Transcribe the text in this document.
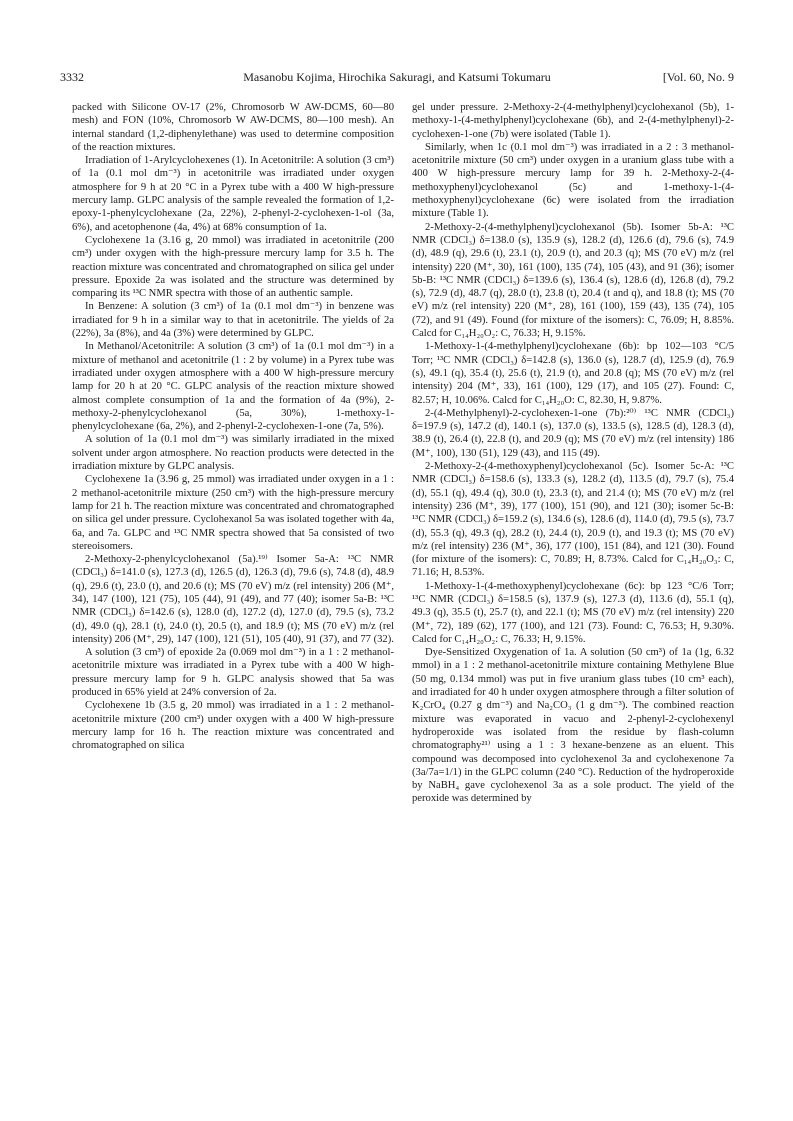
3332	Masanobu Kojima, Hirochika Sakuragi, and Katsumi Tokumaru	[Vol. 60, No. 9

packed with Silicone OV-17 (2%, Chromosorb W AW-DCMS, 60—80 mesh) and FON (10%, Chromosorb W AW-DCMS, 80—100 mesh). An internal standard (1,2-diphenylethane) was used to determine composition of the reaction mixtures.

Irradiation of 1-Arylcyclohexenes (1). In Acetonitrile: A solution (3 cm³) of 1a (0.1 mol dm⁻³) in acetonitrile was irradiated under oxygen atmosphere for 9 h at 20 °C in a Pyrex tube with a 400 W high-pressure mercury lamp. GLPC analysis of the sample revealed the formation of 1,2-epoxy-1-phenylcyclohexane (2a, 22%), 2-phenyl-2-cyclohexen-1-ol (3a, 6%), and acetophenone (4a, 4%) at 68% consumption of 1a.

Cyclohexene 1a (3.16 g, 20 mmol) was irradiated in acetonitrile (200 cm³) under oxygen with the high-pressure mercury lamp for 3.5 h. The reaction mixture was concentrated and chromatographed on silica gel under pressure. Epoxide 2a was isolated and the structure was determined by comparing its ¹³C NMR spectra with those of an authentic sample.

In Benzene: A solution (3 cm³) of 1a (0.1 mol dm⁻³) in benzene was irradiated for 9 h in a similar way to that in acetonitrile. The yields of 2a (22%), 3a (8%), and 4a (3%) were determined by GLPC.

In Methanol/Acetonitrile: A solution (3 cm³) of 1a (0.1 mol dm⁻³) in a mixture of methanol and acetonitrile (1 : 2 by volume) in a Pyrex tube was irradiated under oxygen atmosphere with a 400 W high-pressure mercury lamp for 20 h at 20 °C. GLPC analysis of the reaction mixture showed almost complete consumption of 1a and the formation of 4a (9%), 2-methoxy-2-phenylcyclohexanol (5a, 30%), 1-methoxy-1-phenylcyclohexane (6a, 2%), and 2-phenyl-2-cyclohexen-1-one (7a, 5%).

A solution of 1a (0.1 mol dm⁻³) was similarly irradiated in the mixed solvent under argon atmosphere. No reaction products were detected in the irradiation mixture by GLPC analysis.

Cyclohexene 1a (3.96 g, 25 mmol) was irradiated under oxygen in a 1 : 2 methanol-acetonitrile mixture (250 cm³) with the high-pressure mercury lamp for 21 h. The reaction mixture was concentrated and chromatographed on silica gel under pressure. Cyclohexanol 5a was isolated together with 4a, 6a, and 7a. GLPC and ¹³C NMR spectra showed that 5a consisted of two stereoisomers.

2-Methoxy-2-phenylcyclohexanol (5a).¹⁹⁾ Isomer 5a-A: ¹³C NMR (CDCl₃) δ=141.0 (s), 127.3 (d), 126.5 (d), 126.3 (d), 79.6 (s), 74.8 (d), 48.9 (q), 29.6 (t), 23.0 (t), and 20.6 (t); MS (70 eV) m/z (rel intensity) 206 (M⁺, 34), 147 (100), 121 (75), 105 (44), 91 (49), and 77 (40); isomer 5a-B: ¹³C NMR (CDCl₃) δ=142.6 (s), 128.0 (d), 127.2 (d), 127.0 (d), 79.5 (s), 73.2 (d), 49.0 (q), 28.1 (t), 24.0 (t), 20.5 (t), and 18.9 (t); MS (70 eV) m/z (rel intensity) 206 (M⁺, 29), 147 (100), 121 (51), 105 (40), 91 (37), and 77 (32).

A solution (3 cm³) of epoxide 2a (0.069 mol dm⁻³) in a 1 : 2 methanol-acetonitrile mixture was irradiated in a Pyrex tube with a 400 W high-pressure mercury lamp for 9 h. GLPC analysis showed that 5a was produced in 65% yield at 24% conversion of 2a.

Cyclohexene 1b (3.5 g, 20 mmol) was irradiated in a 1 : 2 methanol-acetonitrile mixture (200 cm³) under oxygen with a 400 W high-pressure mercury lamp for 16 h. The reaction mixture was concentrated and chromatographed on silica

gel under pressure. 2-Methoxy-2-(4-methylphenyl)cyclohexanol (5b), 1-methoxy-1-(4-methylphenyl)cyclohexane (6b), and 2-(4-methylphenyl)-2-cyclohexen-1-one (7b) were isolated (Table 1).

Similarly, when 1c (0.1 mol dm⁻³) was irradiated in a 2 : 3 methanol-acetonitrile mixture (50 cm³) under oxygen in a uranium glass tube with a 400 W high-pressure mercury lamp for 39 h. 2-Methoxy-2-(4-methoxyphenyl)cyclohexanol (5c) and 1-methoxy-1-(4-methoxyphenyl)cyclohexane (6c) were isolated from the irradiation mixture (Table 1).

2-Methoxy-2-(4-methylphenyl)cyclohexanol (5b). Isomer 5b-A: ¹³C NMR (CDCl₃) δ=138.0 (s), 135.9 (s), 128.2 (d), 126.6 (d), 79.6 (s), 74.9 (d), 48.9 (q), 29.6 (t), 23.1 (t), 20.9 (t), and 20.3 (q); MS (70 eV) m/z (rel intensity) 220 (M⁺, 30), 161 (100), 135 (74), 105 (43), and 91 (36); isomer 5b-B: ¹³C NMR (CDCl₃) δ=139.6 (s), 136.4 (s), 128.6 (d), 126.8 (d), 79.2 (s), 72.9 (d), 48.7 (q), 28.0 (t), 23.8 (t), 20.4 (t and q), and 18.8 (t); MS (70 eV) m/z (rel intensity) 220 (M⁺, 28), 161 (100), 159 (43), 135 (74), 105 (72), and 91 (49). Found (for mixture of the isomers): C, 76.09; H, 8.85%. Calcd for C₁₄H₂₀O₂: C, 76.33; H, 9.15%.

1-Methoxy-1-(4-methylphenyl)cyclohexane (6b): bp 102—103 °C/5 Torr; ¹³C NMR (CDCl₃) δ=142.8 (s), 136.0 (s), 128.7 (d), 125.9 (d), 76.9 (s), 49.1 (q), 35.4 (t), 25.6 (t), 21.9 (t), and 20.8 (q); MS (70 eV) m/z (rel intensity) 204 (M⁺, 33), 161 (100), 129 (17), and 105 (27). Found: C, 82.57; H, 10.06%. Calcd for C₁₄H₂₀O: C, 82.30, H, 9.87%.

2-(4-Methylphenyl)-2-cyclohexen-1-one (7b):²⁰⁾ ¹³C NMR (CDCl₃) δ=197.9 (s), 147.2 (d), 140.1 (s), 137.0 (s), 133.5 (s), 128.5 (d), 128.3 (d), 38.9 (t), 26.4 (t), 22.8 (t), and 20.9 (q); MS (70 eV) m/z (rel intensity) 186 (M⁺, 100), 130 (51), 129 (43), and 115 (49).

2-Methoxy-2-(4-methoxyphenyl)cyclohexanol (5c). Isomer 5c-A: ¹³C NMR (CDCl₃) δ=158.6 (s), 133.3 (s), 128.2 (d), 113.5 (d), 79.7 (s), 75.4 (d), 55.1 (q), 49.4 (q), 30.0 (t), 23.3 (t), and 21.4 (t); MS (70 eV) m/z (rel intensity) 236 (M⁺, 39), 177 (100), 151 (90), and 121 (30); isomer 5c-B: ¹³C NMR (CDCl₃) δ=159.2 (s), 134.6 (s), 128.6 (d), 114.0 (d), 79.5 (s), 73.7 (d), 55.3 (q), 49.3 (q), 28.2 (t), 24.4 (t), 20.9 (t), and 19.3 (t); MS (70 eV) m/z (rel intensity) 236 (M⁺, 36), 177 (100), 151 (84), and 121 (30). Found (for mixture of the isomers): C, 70.89; H, 8.73%. Calcd for C₁₄H₂₀O₃: C, 71.16; H, 8.53%.

1-Methoxy-1-(4-methoxyphenyl)cyclohexane (6c): bp 123 °C/6 Torr; ¹³C NMR (CDCl₃) δ=158.5 (s), 137.9 (s), 127.3 (d), 113.6 (d), 55.1 (q), 49.3 (q), 35.5 (t), 25.7 (t), and 22.1 (t); MS (70 eV) m/z (rel intensity) 220 (M⁺, 72), 189 (62), 177 (100), and 121 (73). Found: C, 76.53; H, 9.30%. Calcd for C₁₄H₂₀O₂: C, 76.33; H, 9.15%.

Dye-Sensitized Oxygenation of 1a. A solution (50 cm³) of 1a (1g, 6.32 mmol) in a 1 : 2 methanol-acetonitrile mixture containing Methylene Blue (50 mg, 0.134 mmol) was put in five uranium glass tubes (10 cm³ each), and irradiated for 40 h under oxygen atmosphere through a filter solution of K₂CrO₄ (0.27 g dm⁻³) and Na₂CO₃ (1 g dm⁻³). The combined reaction mixture was evaporated in vacuo and 2-phenyl-2-cyclohexenyl hydroperoxide was isolated from the residue by flash-column chromatography²¹⁾ using a 1 : 3 hexane-benzene as an eluent. This compound was decomposed into cyclohexenol 3a and cyclohexenone 7a (3a/7a=1/1) in the GLPC column (240 °C). Reduction of the hydroperoxide by NaBH₄ gave cyclohexenol 3a as a sole product. The yield of the peroxide was determined by
